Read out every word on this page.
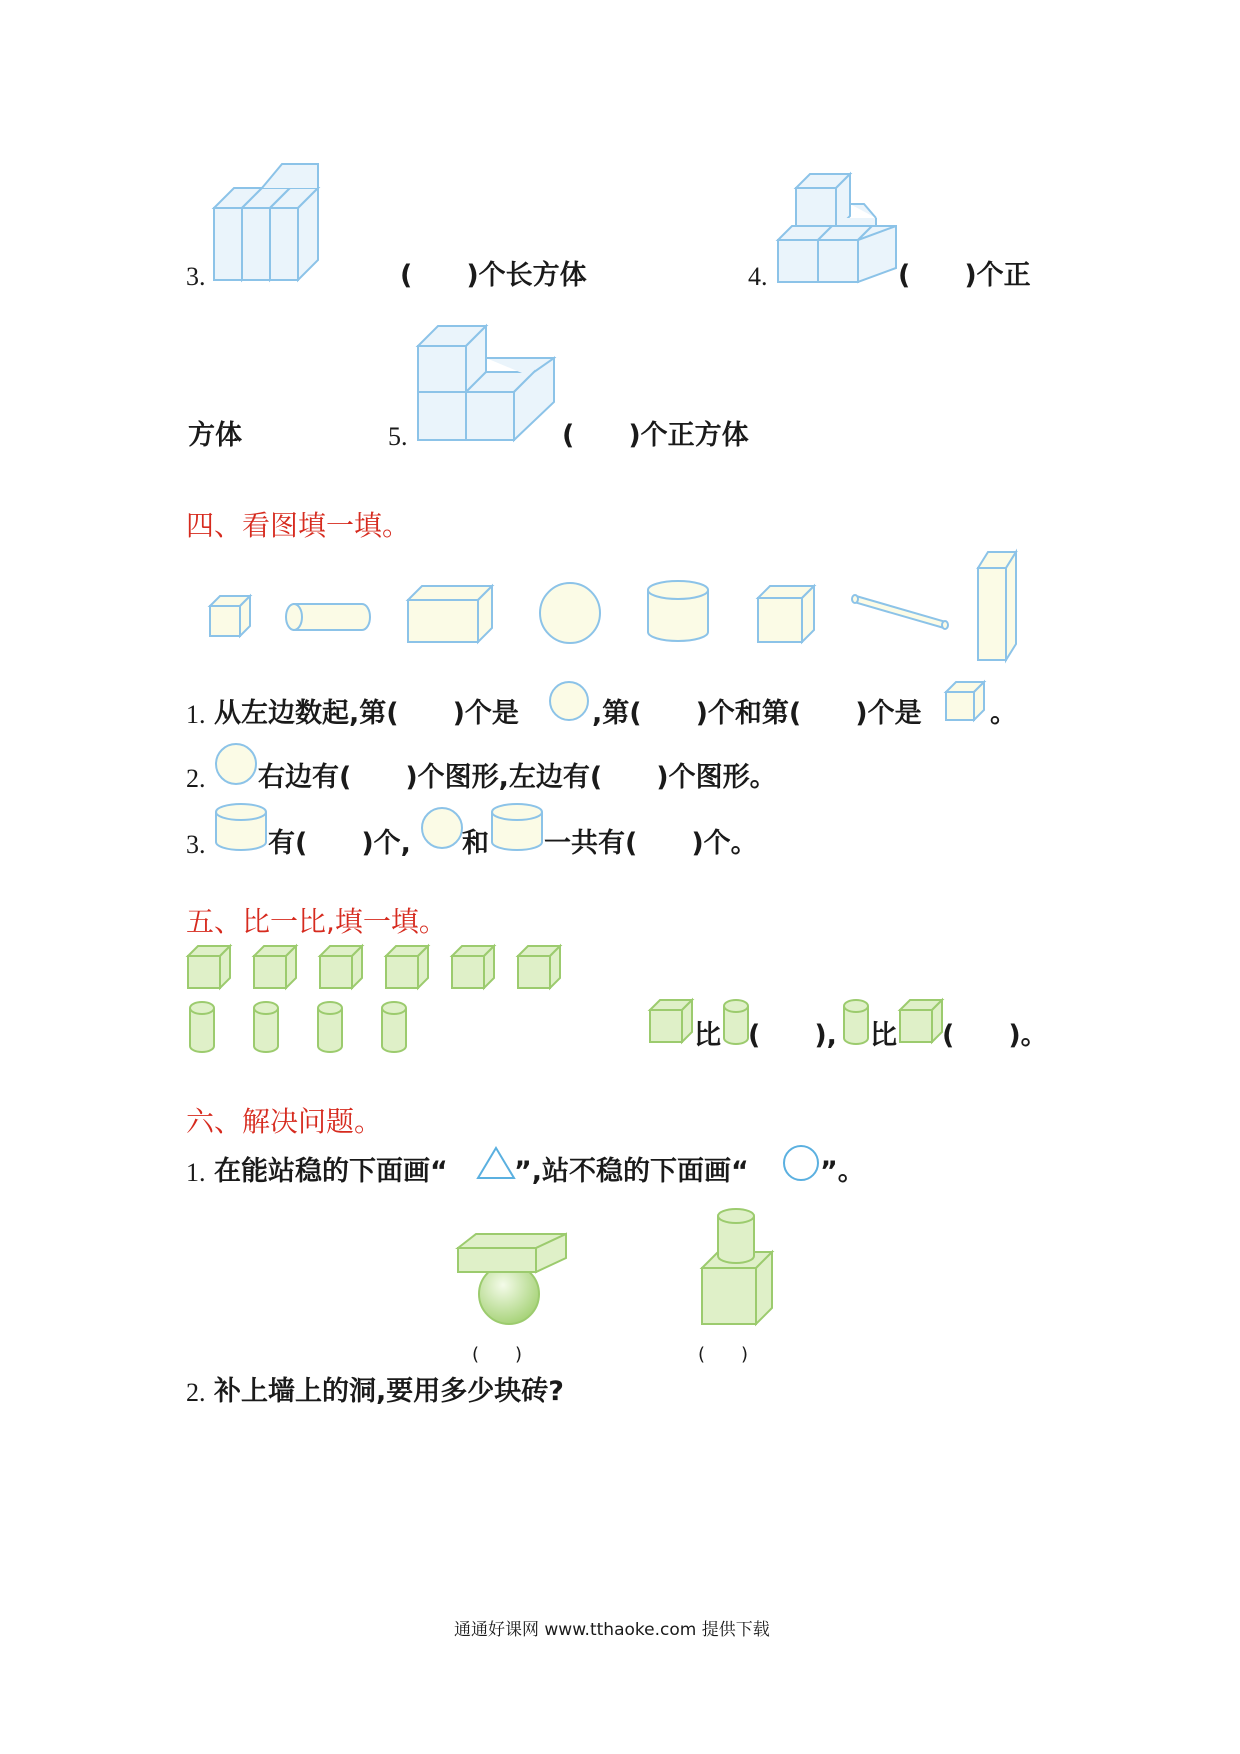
3.	(　　)个长方体	4.	(　　)个正
方体	5.	(　　)个正方体
四、看图填一填。
1. 从左边数起,第(　　)个是	,第(　　)个和第(　　)个是	。
2. 右边有(　　)个图形,左边有(　　)个图形。
3. 有(　　)个, 和 一共有(　　)个。
五、比一比,填一填。
比 (　　), 比 (　　)。
六、解决问题。
1. 在能站稳的下面画“ ”,站不稳的下面画“	”。
(　　)	(　　)
2. 补上墙上的洞,要用多少块砖?
通通好课网 www.tthaoke.com 提供下载
